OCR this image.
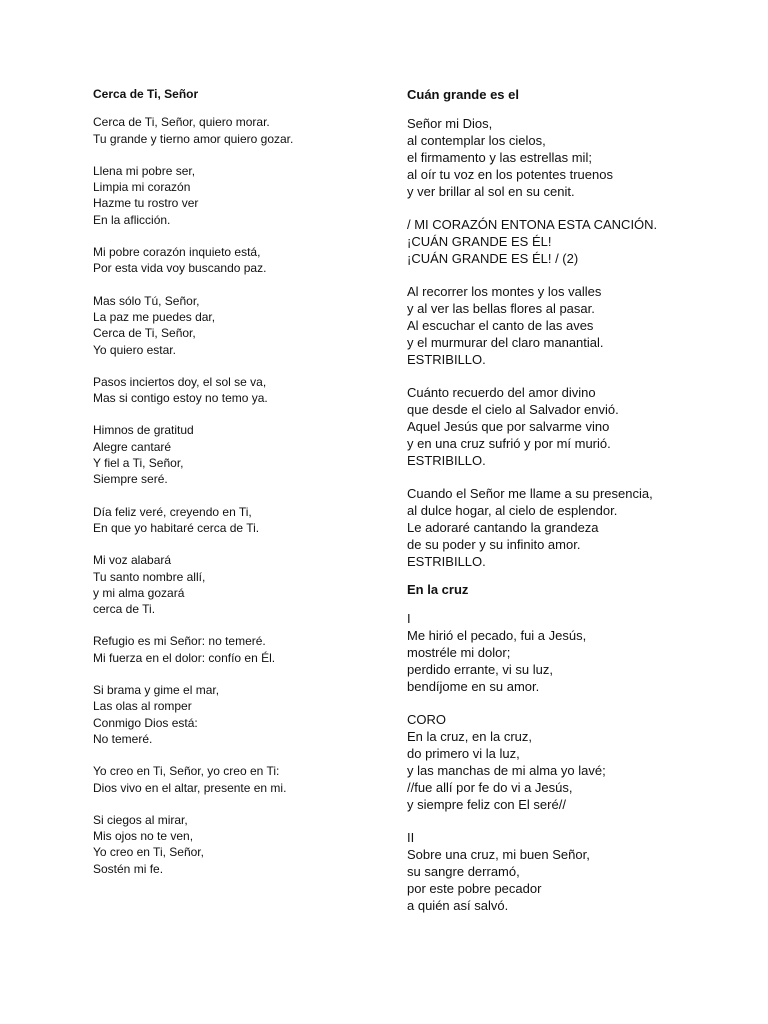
Cerca de Ti, Señor

Cerca de Ti, Señor, quiero morar.
Tu grande y tierno amor quiero gozar.

Llena mi pobre ser,
Limpia mi corazón
Hazme tu rostro ver
En la aflicción.

Mi pobre corazón inquieto está,
Por esta vida voy buscando paz.

Mas sólo Tú, Señor,
La paz me puedes dar,
Cerca de Ti, Señor,
Yo quiero estar.

Pasos inciertos doy, el sol se va,
Mas si contigo estoy no temo ya.

Himnos de gratitud
Alegre cantaré
Y fiel a Ti, Señor,
Siempre seré.

Día feliz veré, creyendo en Ti,
En que yo habitaré cerca de Ti.

Mi voz alabará
Tu santo nombre allí,
y mi alma gozará
cerca de Ti.

Refugio es mi Señor: no temeré.
Mi fuerza en el dolor: confío en Él.

Si brama y gime el mar,
Las olas al romper
Conmigo Dios está:
No temeré.

Yo creo en Ti, Señor, yo creo en Ti:
Dios vivo en el altar, presente en mi.

Si ciegos al mirar,
Mis ojos no te ven,
Yo creo en Ti, Señor,
Sostén mi fe.

Cuán grande es el

Señor mi Dios,
al contemplar los cielos,
el firmamento y las estrellas mil;
al oír tu voz en los potentes truenos
y ver brillar al sol en su cenit.

/ MI CORAZÓN ENTONA ESTA CANCIÓN.
¡CUÁN GRANDE ES ÉL!
¡CUÁN GRANDE ES ÉL! / (2)

Al recorrer los montes y los valles
y al ver las bellas flores al pasar.
Al escuchar el canto de las aves
y el murmurar del claro manantial.
ESTRIBILLO.

Cuánto recuerdo del amor divino
que desde el cielo al Salvador envió.
Aquel Jesús que por salvarme vino
y en una cruz sufrió y por mí murió.
ESTRIBILLO.

Cuando el Señor me llame a su presencia,
al dulce hogar, al cielo de esplendor.
Le adoraré cantando la grandeza
de su poder y su infinito amor.
ESTRIBILLO.

En la cruz

I
Me hirió el pecado, fui a Jesús,
mostréle mi dolor;
perdido errante, vi su luz,
bendíjome en su amor.

CORO
En la cruz, en la cruz,
do primero vi la luz,
y las manchas de mi alma yo lavé;
//fue allí por fe do vi a Jesús,
y siempre feliz con El seré//

II
Sobre una cruz, mi buen Señor,
su sangre derramó,
por este pobre pecador
a quién así salvó.
